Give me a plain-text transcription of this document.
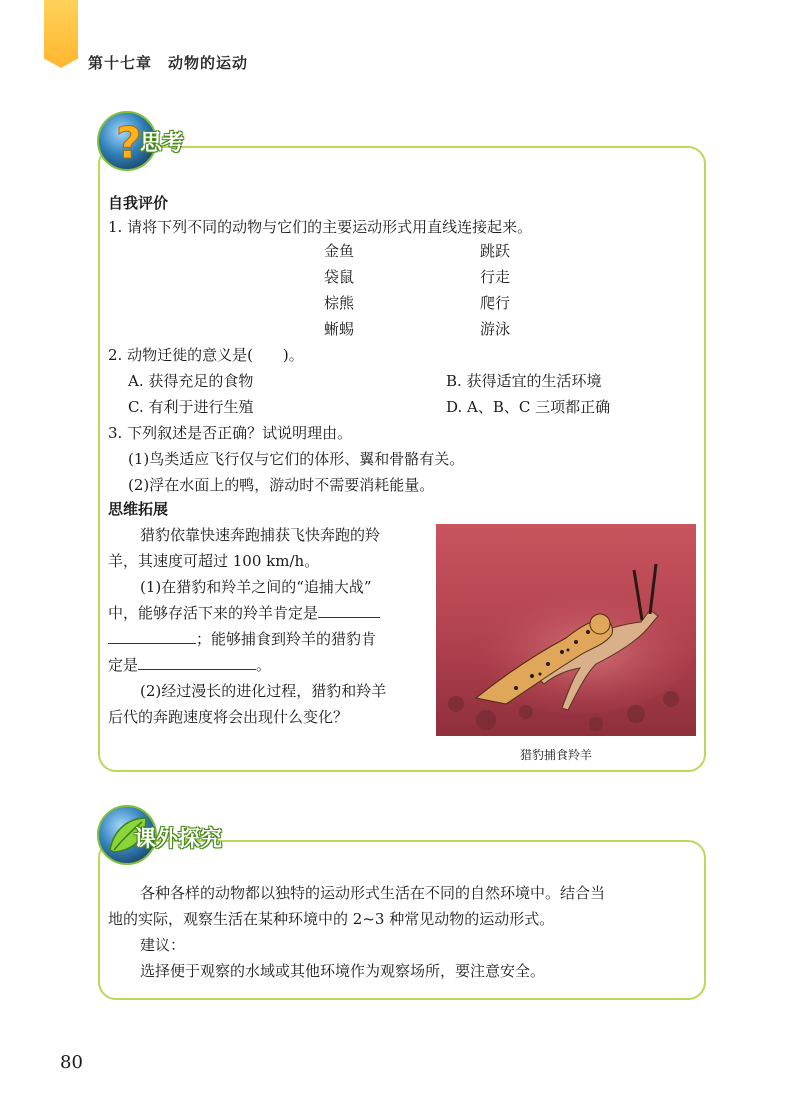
第十七章 动物的运动
?
思考
自我评价
1. 请将下列不同的动物与它们的主要运动形式用直线连接起来。
金鱼
袋鼠
棕熊
蜥蜴
跳跃
行走
爬行
游泳
2. 动物迁徙的意义是(　　)。
A. 获得充足的食物	B. 获得适宜的生活环境
C. 有利于进行生殖	D. A、B、C 三项都正确
3. 下列叙述是否正确？试说明理由。
(1)鸟类适应飞行仅与它们的体形、翼和骨骼有关。
(2)浮在水面上的鸭，游动时不需要消耗能量。
思维拓展
猎豹依靠快速奔跑捕获飞快奔跑的羚
羊，其速度可超过 100 km/h。
(1)在猎豹和羚羊之间的“追捕大战”
中，能够存活下来的羚羊肯定是
；能够捕食到羚羊的猎豹肯
定是	。
(2)经过漫长的进化过程，猎豹和羚羊
后代的奔跑速度将会出现什么变化？
猎豹捕食羚羊
课外探究
各种各样的动物都以独特的运动形式生活在不同的自然环境中。结合当
地的实际，观察生活在某种环境中的 2~3 种常见动物的运动形式。
建议：
选择便于观察的水域或其他环境作为观察场所，要注意安全。
80
